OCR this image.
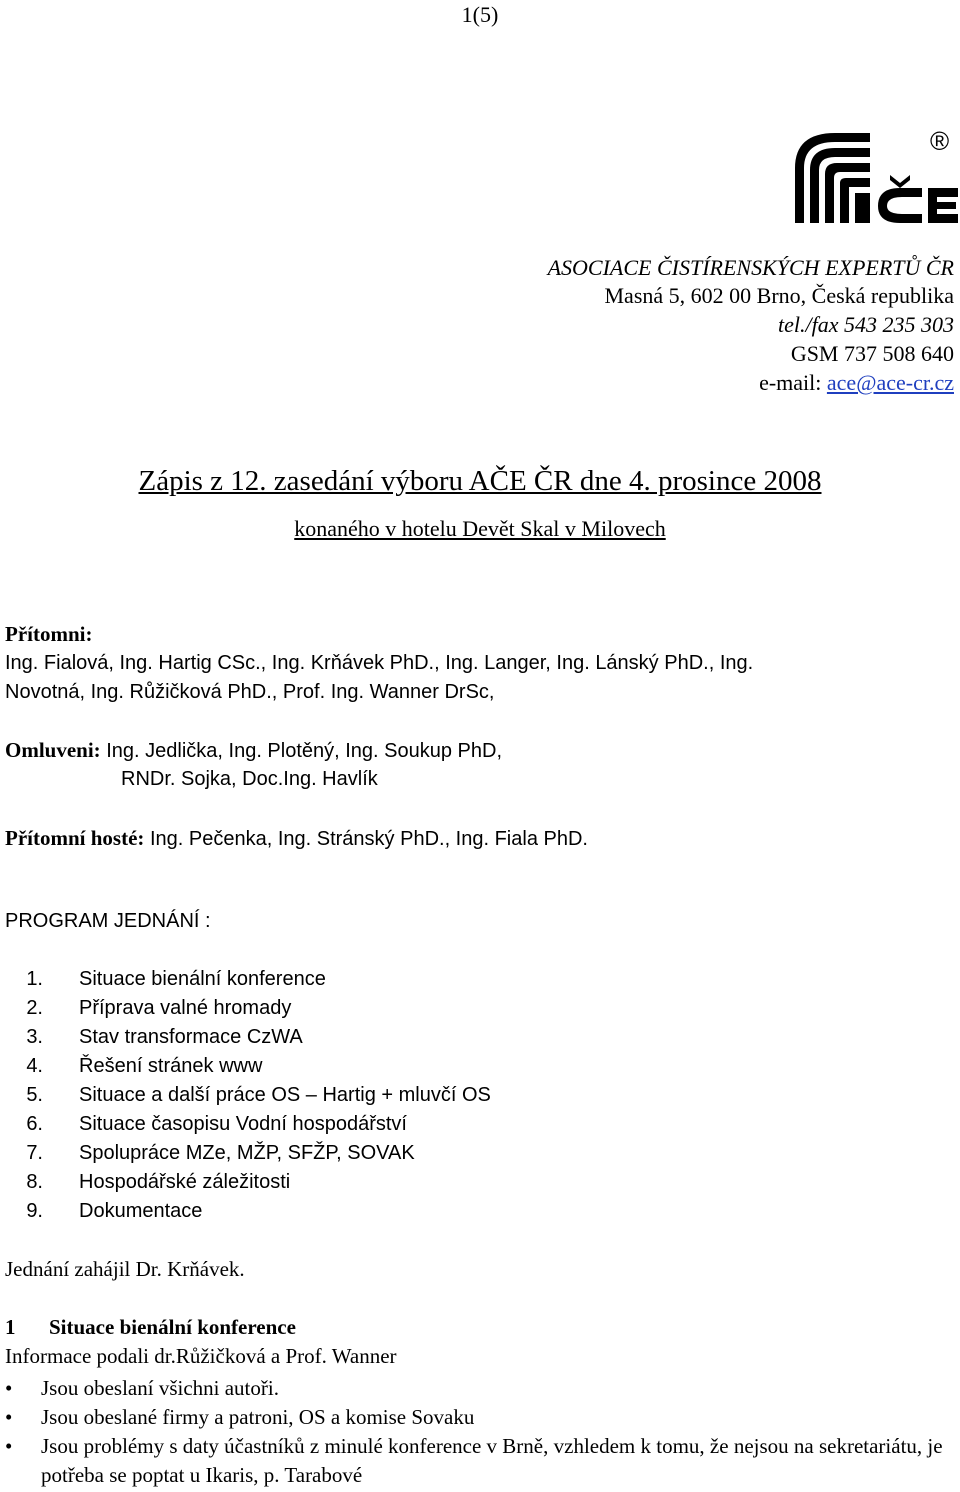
1(5)
®
ASOCIACE ČISTÍRENSKÝCH EXPERTŮ ČR
Masná 5, 602 00 Brno, Česká republika
tel./fax 543 235 303
GSM 737 508 640
e-mail: ace@ace-cr.cz
Zápis z 12. zasedání výboru AČE ČR dne 4. prosince 2008
konaného v hotelu Devět Skal v Milovech
Přítomni:
Ing. Fialová, Ing. Hartig CSc., Ing. Krňávek PhD., Ing. Langer, Ing. Lánský PhD., Ing.
Novotná, Ing. Růžičková PhD., Prof. Ing. Wanner DrSc,
Omluveni: Ing. Jedlička, Ing. Plotěný, Ing. Soukup PhD,
RNDr. Sojka, Doc.Ing. Havlík
Přítomní hosté: Ing. Pečenka, Ing. Stránský PhD., Ing. Fiala PhD.
PROGRAM JEDNÁNÍ :
1. Situace bienální konference
2. Příprava valné hromady
3. Stav transformace CzWA
4. Řešení stránek www
5. Situace a další práce OS – Hartig + mluvčí OS
6. Situace časopisu Vodní hospodářství
7. Spolupráce MZe, MŽP, SFŽP, SOVAK
8. Hospodářské záležitosti
9. Dokumentace
Jednání zahájil Dr. Krňávek.
1 Situace bienální konference
Informace podali dr.Růžičková a Prof. Wanner
• Jsou obeslaní všichni autoři.
• Jsou obeslané firmy a patroni, OS a komise Sovaku
• Jsou problémy s daty účastníků z minulé konference v Brně, vzhledem k tomu, že nejsou na sekretariátu, je potřeba se poptat u Ikaris, p. Tarabové
